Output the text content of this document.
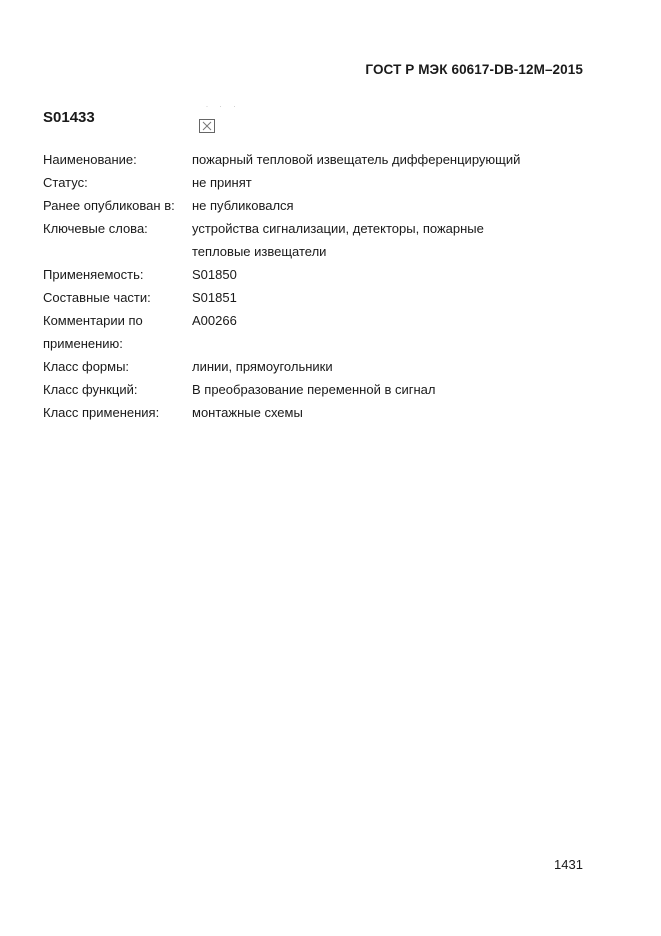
ГОСТ Р МЭК 60617-DB-12M–2015
S01433
· · ·
Наименование:	пожарный тепловой извещатель дифференцирующий
Статус:	не принят
Ранее опубликован в:	не публиковался
Ключевые слова:	устройства сигнализации, детекторы, пожарные
тепловые извещатели
Применяемость:	S01850
Составные части:	S01851
Комментарии по	A00266
применению:
Класс формы:	линии, прямоугольники
Класс функций:	В преобразование переменной в сигнал
Класс применения:	монтажные схемы
1431
